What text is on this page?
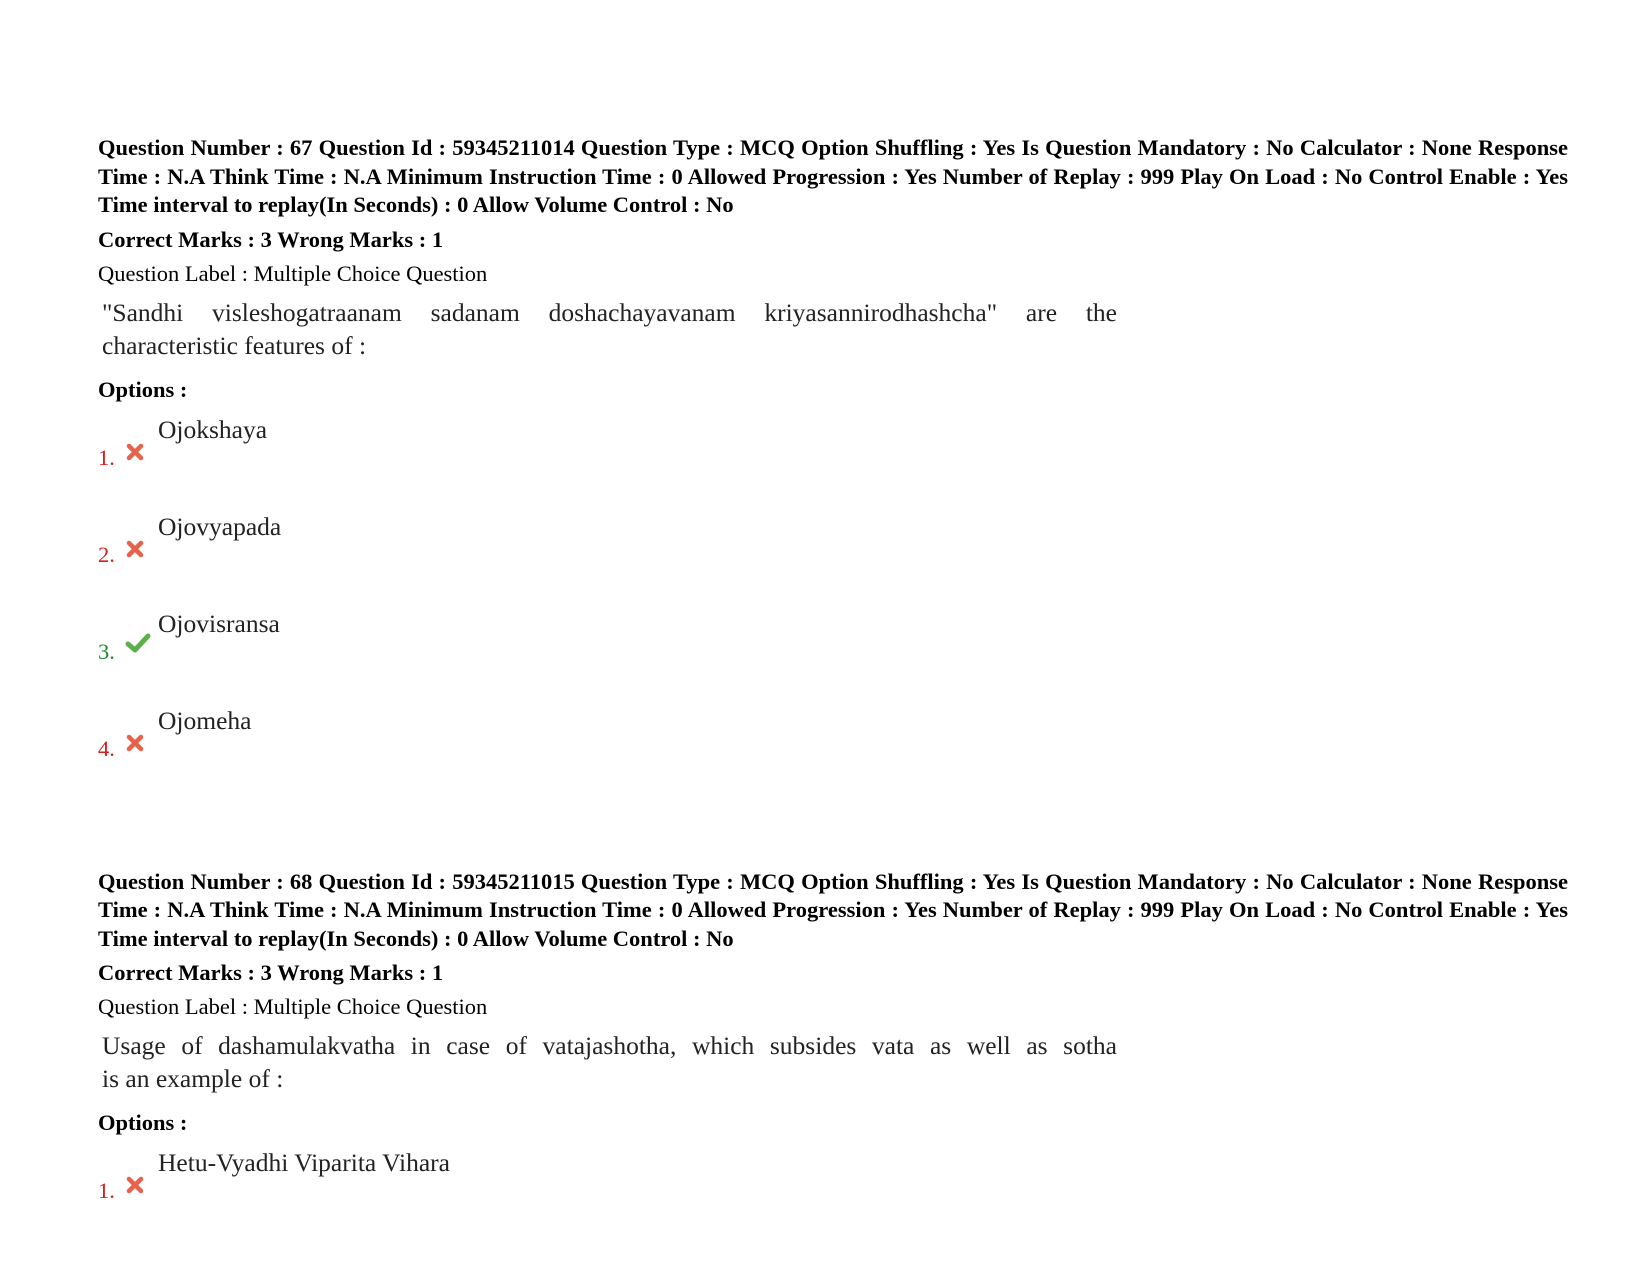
Question Number : 67 Question Id : 59345211014 Question Type : MCQ Option Shuffling : Yes Is Question Mandatory : No Calculator : None Response Time : N.A Think Time : N.A Minimum Instruction Time : 0 Allowed Progression : Yes Number of Replay : 999 Play On Load : No Control Enable : Yes Time interval to replay(In Seconds) : 0 Allow Volume Control : No
Correct Marks : 3 Wrong Marks : 1
Question Label : Multiple Choice Question
"Sandhi visleshogatraanam sadanam doshachayavanam kriyasannirodhashcha" are the
characteristic features of :
Options :
1.
Ojokshaya
2.
Ojovyapada
3.
Ojovisransa
4.
Ojomeha
Question Number : 68 Question Id : 59345211015 Question Type : MCQ Option Shuffling : Yes Is Question Mandatory : No Calculator : None Response Time : N.A Think Time : N.A Minimum Instruction Time : 0 Allowed Progression : Yes Number of Replay : 999 Play On Load : No Control Enable : Yes Time interval to replay(In Seconds) : 0 Allow Volume Control : No
Correct Marks : 3 Wrong Marks : 1
Question Label : Multiple Choice Question
Usage of dashamulakvatha in case of vatajashotha, which subsides vata as well as sotha
is an example of :
Options :
1.
Hetu-Vyadhi Viparita Vihara
